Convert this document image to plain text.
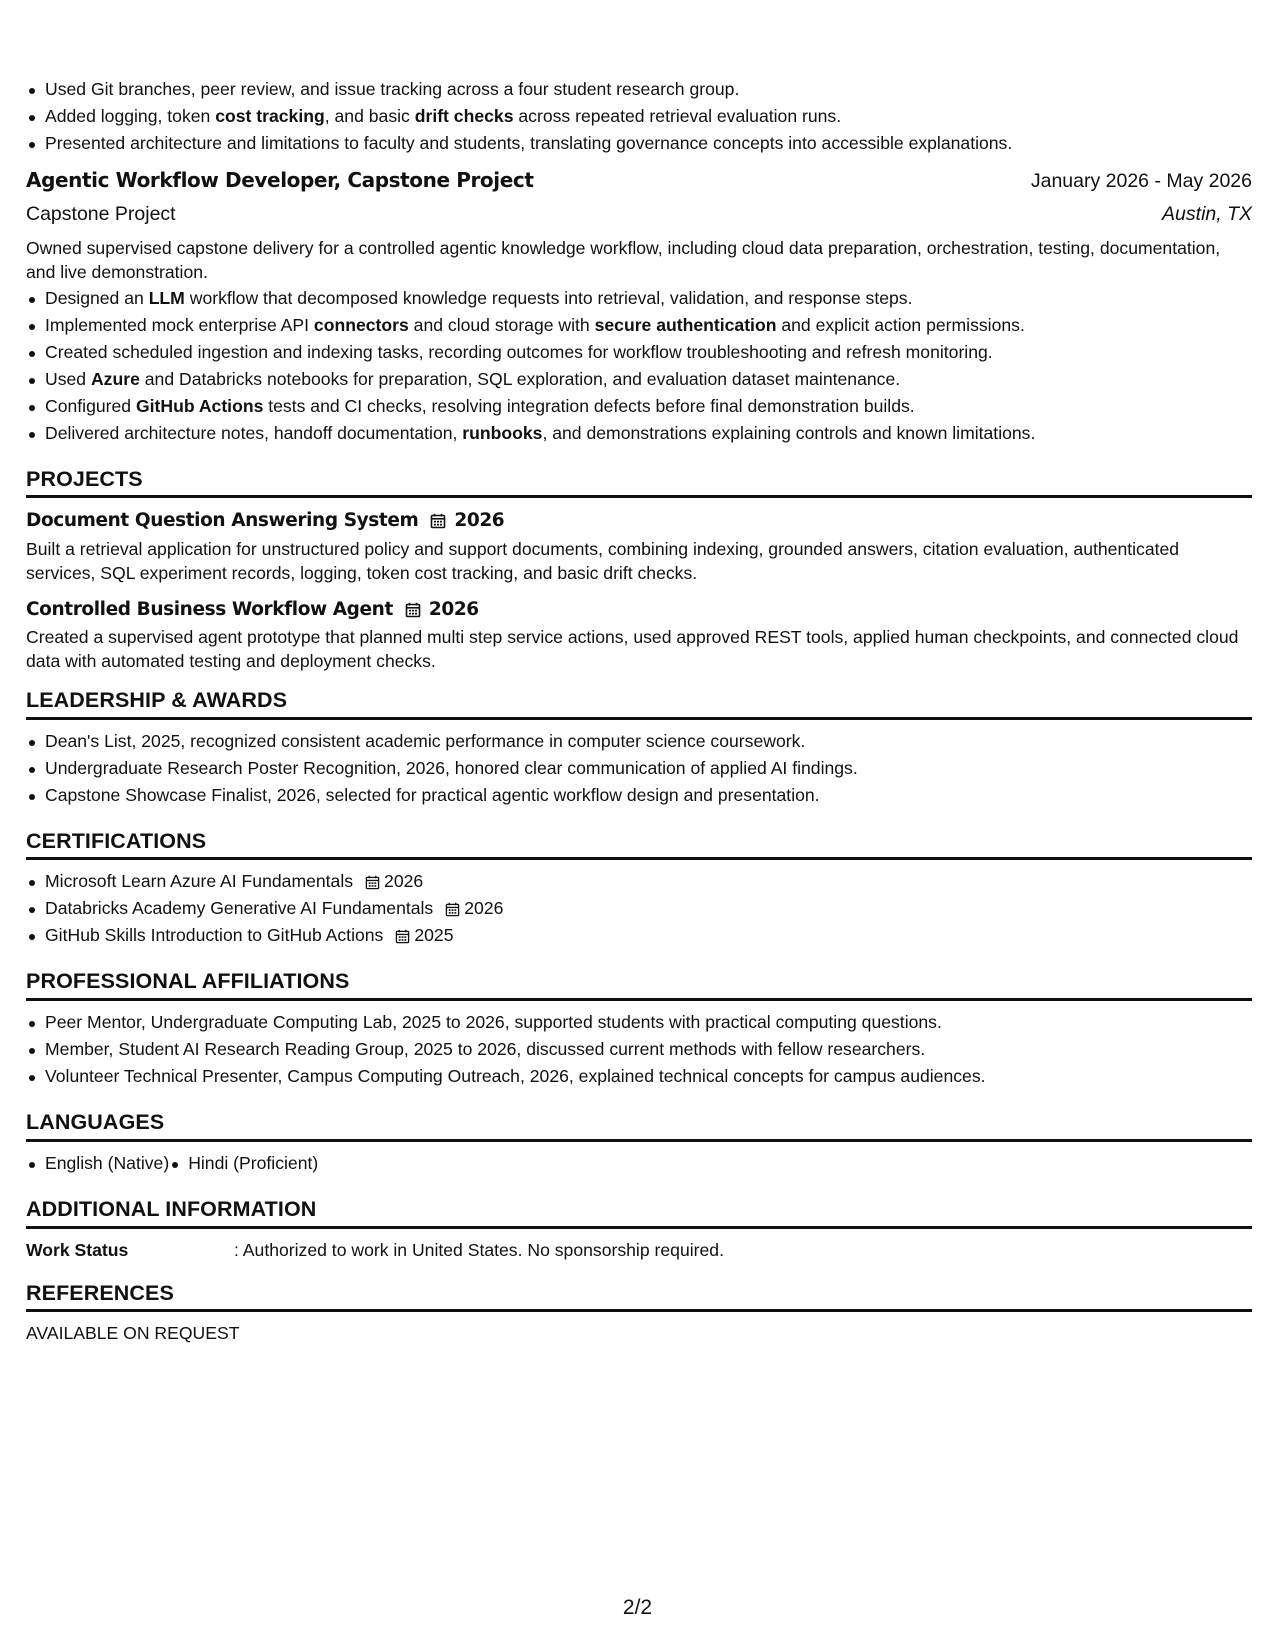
Used Git branches, peer review, and issue tracking across a four student research group.
Added logging, token cost tracking, and basic drift checks across repeated retrieval evaluation runs.
Presented architecture and limitations to faculty and students, translating governance concepts into accessible explanations.
Agentic Workflow Developer, Capstone Project	January 2026 - May 2026
Capstone Project	Austin, TX
Owned supervised capstone delivery for a controlled agentic knowledge workflow, including cloud data preparation, orchestration, testing, documentation, and live demonstration.
Designed an LLM workflow that decomposed knowledge requests into retrieval, validation, and response steps.
Implemented mock enterprise API connectors and cloud storage with secure authentication and explicit action permissions.
Created scheduled ingestion and indexing tasks, recording outcomes for workflow troubleshooting and refresh monitoring.
Used Azure and Databricks notebooks for preparation, SQL exploration, and evaluation dataset maintenance.
Configured GitHub Actions tests and CI checks, resolving integration defects before final demonstration builds.
Delivered architecture notes, handoff documentation, runbooks, and demonstrations explaining controls and known limitations.
PROJECTS
Document Question Answering System 2026
Built a retrieval application for unstructured policy and support documents, combining indexing, grounded answers, citation evaluation, authenticated services, SQL experiment records, logging, token cost tracking, and basic drift checks.
Controlled Business Workflow Agent 2026
Created a supervised agent prototype that planned multi step service actions, used approved REST tools, applied human checkpoints, and connected cloud data with automated testing and deployment checks.
LEADERSHIP & AWARDS
Dean's List, 2025, recognized consistent academic performance in computer science coursework.
Undergraduate Research Poster Recognition, 2026, honored clear communication of applied AI findings.
Capstone Showcase Finalist, 2026, selected for practical agentic workflow design and presentation.
CERTIFICATIONS
Microsoft Learn Azure AI Fundamentals 2026
Databricks Academy Generative AI Fundamentals 2026
GitHub Skills Introduction to GitHub Actions 2025
PROFESSIONAL AFFILIATIONS
Peer Mentor, Undergraduate Computing Lab, 2025 to 2026, supported students with practical computing questions.
Member, Student AI Research Reading Group, 2025 to 2026, discussed current methods with fellow researchers.
Volunteer Technical Presenter, Campus Computing Outreach, 2026, explained technical concepts for campus audiences.
LANGUAGES
English (Native)	Hindi (Proficient)
ADDITIONAL INFORMATION
Work Status	: Authorized to work in United States. No sponsorship required.
REFERENCES
AVAILABLE ON REQUEST
2/2
